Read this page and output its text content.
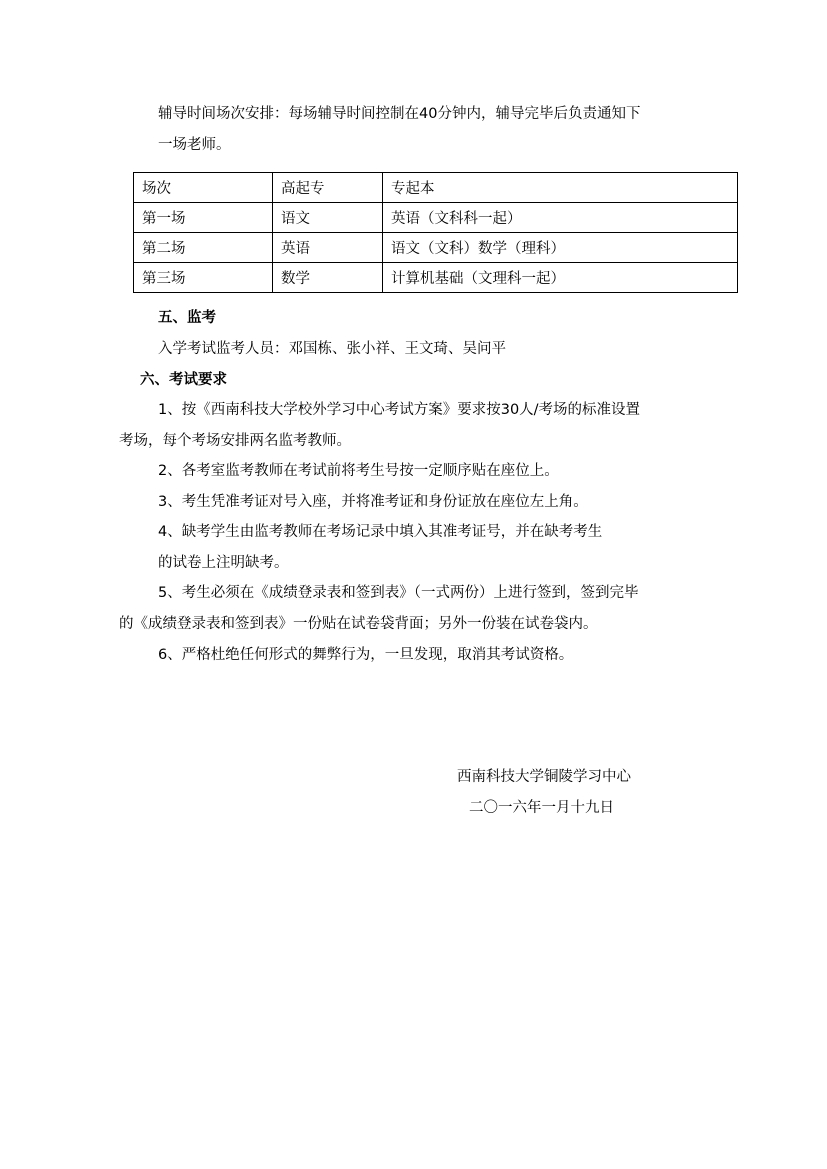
辅导时间场次安排：每场辅导时间控制在40分钟内，辅导完毕后负责通知下
一场老师。
场次	高起专	专起本
第一场	语文	英语（文科科一起）
第二场	英语	语文（文科）数学（理科）
第三场	数学	计算机基础（文理科一起）
五、监考
入学考试监考人员：邓国栋、张小祥、王文琦、吴问平
六、考试要求
1、按《西南科技大学校外学习中心考试方案》要求按30人/考场的标准设置
考场，每个考场安排两名监考教师。
2、各考室监考教师在考试前将考生号按一定顺序贴在座位上。
3、考生凭准考证对号入座，并将准考证和身份证放在座位左上角。
4、缺考学生由监考教师在考场记录中填入其准考证号，并在缺考考生
的试卷上注明缺考。
5、考生必须在《成绩登录表和签到表》（一式两份）上进行签到，签到完毕
的《成绩登录表和签到表》一份贴在试卷袋背面；另外一份装在试卷袋内。
6、严格杜绝任何形式的舞弊行为，一旦发现，取消其考试资格。
西南科技大学铜陵学习中心
二〇一六年一月十九日
